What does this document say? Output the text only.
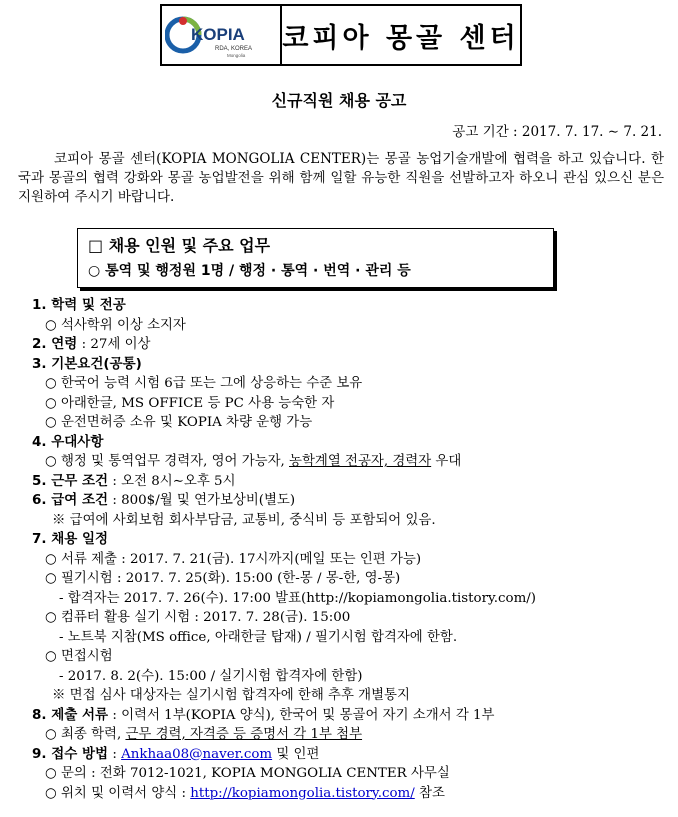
KOPIA
RDA, KOREA
Mongolia
코피아 몽골 센터
신규직원 채용 공고
공고 기간 : 2017. 7. 17. ∼ 7. 21.

코피아 몽골 센터(KOPIA MONGOLIA CENTER)는 몽골 농업기술개발에 협력을 하고 있습니다. 한국과 몽골의 협력 강화와 몽골 농업발전을 위해 함께 일할 유능한 직원을 선발하고자 하오니 관심 있으신 분은 지원하여 주시기 바랍니다.

□ 채용 인원 및 주요 업무
○ 통역 및 행정원 1명 / 행정 · 통역 · 번역 · 관리 등
1. 학력 및 전공
○ 석사학위 이상 소지자
2. 연령 : 27세 이상
3. 기본요건(공통)
○ 한국어 능력 시험 6급 또는 그에 상응하는 수준 보유
○ 아래한글, MS OFFICE 등 PC 사용 능숙한 자
○ 운전면허증 소유 및 KOPIA 차량 운행 가능
4. 우대사항
○ 행정 및 통역업무 경력자, 영어 가능자, 농학계열 전공자, 경력자 우대
5. 근무 조건 : 오전 8시∼오후 5시
6. 급여 조건 : 800$/월 및 연가보상비(별도)
※ 급여에 사회보험 회사부담금, 교통비, 중식비 등 포함되어 있음.
7. 채용 일정
○ 서류 제출 : 2017. 7. 21(금). 17시까지(메일 또는 인편 가능)
○ 필기시험 : 2017. 7. 25(화). 15:00 (한-몽 / 몽-한, 영-몽)
- 합격자는 2017. 7. 26(수). 17:00 발표(http://kopiamongolia.tistory.com/)
○ 컴퓨터 활용 실기 시험 : 2017. 7. 28(금). 15:00
- 노트북 지참(MS office, 아래한글 탑재) / 필기시험 합격자에 한함.
○ 면접시험
- 2017. 8. 2(수). 15:00 / 실기시험 합격자에 한함)
※ 면접 심사 대상자는 실기시험 합격자에 한해 추후 개별통지
8. 제출 서류 : 이력서 1부(KOPIA 양식), 한국어 및 몽골어 자기 소개서 각 1부
○ 최종 학력, 근무 경력, 자격증 등 증명서 각 1부 첨부
9. 접수 방법 : Ankhaa08@naver.com 및 인편
○ 문의 : 전화 7012-1021, KOPIA MONGOLIA CENTER 사무실
○ 위치 및 이력서 양식 : http://kopiamongolia.tistory.com/ 참조
